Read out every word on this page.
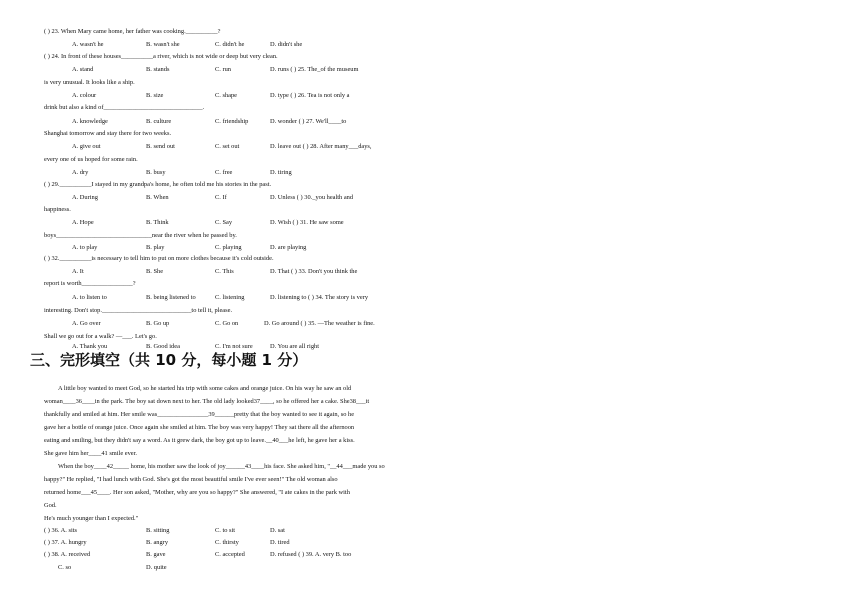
( ) 23. When Mary came home, her father was cooking.__________?
A. wasn't he	B. wasn't she	C. didn't he	D. didn't she
( ) 24. In front of these houses__________a river, which is not wide or deep but very clean.
A. stand	B. stands	C. run	D. runs ( ) 25. The_of the museum
is very unusual. It looks like a ship.
A. colour	B. size	C. shape	D. type ( ) 26. Tea is not only a
drink but also a kind of_______________________________.
A. knowledge	B. culture	C. friendship	D. wonder ( ) 27. We'll____to
Shanghai tomorrow and stay there for two weeks.
A. give out	B. send out	C. set out	D. leave out ( ) 28. After many___days,
every one of us hoped for some rain.
A. dry	B. busy	C. free	D. tiring
( ) 29.__________I stayed in my grandpa's home, he often told me his stories in the past.
A. During	B. When	C. If	D. Unless ( ) 30._you health and
happiness.
A. Hope	B. Think	C. Say	D. Wish ( ) 31. He saw some
boys______________________________near the river when he passed by.
A. to play	B. play	C. playing	D. are playing
( ) 32.__________is necessary to tell him to put on more clothes because it's cold outside.
A. It	B. She	C. This	D. That ( ) 33. Don't you think the
report is worth________________?
A. to listen to	B. being listened to	C. listening	D. listening to ( ) 34. The story is very
interesting. Don't stop.____________________________to tell it, please.
A. Go over	B. Go up	C. Go on	D. Go around ( ) 35. —The weather is fine.
Shall we go out for a walk? —___. Let's go.
A. Thank you	B. Good idea	C. I'm not sure	D. You are all right
三、完形填空（共 10 分，每小题 1 分）
A little boy wanted to meet God, so he started his trip with some cakes and orange juice. On his way he saw an old
woman____36____in the park. The boy sat down next to her. The old lady looked37____, so he offered her a cake. She38___it
thankfully and smiled at him. Her smile was________________39______pretty that the boy wanted to see it again, so he
gave her a bottle of orange juice. Once again she smiled at him. The boy was very happy! They sat there all the afternoon
eating and smiling, but they didn't say a word. As it grew dark, the boy got up to leave.__40___he left, he gave her a kiss.
She gave him her____41 smile ever.
When the boy____42_____ home, his mother saw the look of joy______43____his face. She asked him, "__44___made you so
happy?" He replied, "I had lunch with God. She's got the most beautiful smile I've ever seen!" The old woman also
returned home___45____. Her son asked, "Mother, why are you so happy?" She answered, "I ate cakes in the park with
God.
He's much younger than I expected."
( ) 36. A. sits	B. sitting	C. to sit	D. sat
( ) 37. A. hungry	B. angry	C. thirsty	D. tired
( ) 38. A. received	B. gave	C. accepted	D. refused ( ) 39. A. very B. too
C. so	D. quite
